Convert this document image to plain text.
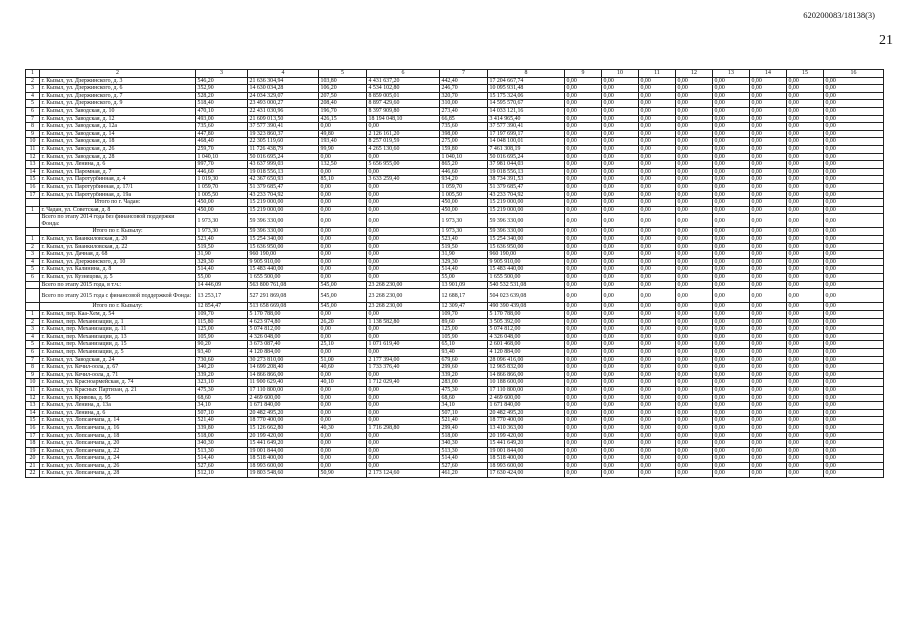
620200083/18138(3)
21
1	2	3	4	5	6	7	8	9	10	11	12	13	14	15	16
2	г. Кызыл, ул. Дзержинского, д. 3	546,20	21 636 304,94	103,80	4 431 637,20	442,40	17 204 667,74	0,00	0,00	0,00	0,00	0,00	0,00	0,00	0,00
3	г. Кызыл, ул. Дзержинского, д. 6	352,90	14 630 034,28	106,20	4 534 102,80	246,70	10 095 931,48	0,00	0,00	0,00	0,00	0,00	0,00	0,00	0,00
4	г. Кызыл, ул. Дзержинского, д. 7	528,20	24 034 329,07	207,50	8 859 005,01	320,70	15 175 324,06	0,00	0,00	0,00	0,00	0,00	0,00	0,00	0,00
5	г. Кызыл, ул. Дзержинского, д. 9	518,40	23 493 000,27	208,40	8 897 429,60	310,00	14 595 570,67	0,00	0,00	0,00	0,00	0,00	0,00	0,00	0,00
6	г. Кызыл, ул. Заводская, д. 10	470,10	22 431 030,96	196,70	8 397 909,80	273,40	14 033 121,16	0,00	0,00	0,00	0,00	0,00	0,00	0,00	0,00
7	г. Кызыл, ул. Заводская, д. 12	493,00	21 609 013,50	426,15	18 194 048,10	66,85	3 414 965,40	0,00	0,00	0,00	0,00	0,00	0,00	0,00	0,00
8	г. Кызыл, ул. Заводская, д. 12а	735,60	37 577 390,41	0,00	0,00	735,60	37 577 390,41	0,00	0,00	0,00	0,00	0,00	0,00	0,00	0,00
9	г. Кызыл, ул. Заводская, д. 14	447,80	19 323 860,37	49,80	2 126 161,20	398,00	17 197 699,17	0,00	0,00	0,00	0,00	0,00	0,00	0,00	0,00
10	г. Кызыл, ул. Заводская, д. 18	468,40	22 305 119,60	193,40	8 257 019,59	275,00	14 048 100,01	0,00	0,00	0,00	0,00	0,00	0,00	0,00	0,00
11	г. Кызыл, ул. Заводская, д. 26	259,70	11 726 438,79	99,90	4 265 130,60	159,80	7 461 308,19	0,00	0,00	0,00	0,00	0,00	0,00	0,00	0,00
12	г. Кызыл, ул. Заводская, д. 28	1 040,10	50 016 695,24	0,00	0,00	1 040,10	50 016 695,24	0,00	0,00	0,00	0,00	0,00	0,00	0,00	0,00
13	г. Кызыл, ул. Ленина, д. 6	997,70	43 637 999,03	132,50	5 656 955,00	865,20	37 981 044,03	0,00	0,00	0,00	0,00	0,00	0,00	0,00	0,00
14	г. Кызыл, ул. Паромная, д. 7	446,60	19 018 556,13	0,00	0,00	446,60	19 018 556,13	0,00	0,00	0,00	0,00	0,00	0,00	0,00	0,00
15	г. Кызыл, ул. Паротурбинная, д. 4	1 019,30	42 367 650,93	85,10	3 633 259,40	934,20	38 734 391,53	0,00	0,00	0,00	0,00	0,00	0,00	0,00	0,00
16	г. Кызыл, ул. Паротурбинная, д. 17/1	1 059,70	51 379 685,47	0,00	0,00	1 059,70	51 379 685,47	0,00	0,00	0,00	0,00	0,00	0,00	0,00	0,00
17	г. Кызыл, ул. Паротурбинная, д. 19а	1 005,50	43 233 704,92	0,00	0,00	1 005,50	43 233 704,92	0,00	0,00	0,00	0,00	0,00	0,00	0,00	0,00
	Итого по г. Чадан:	450,00	15 219 000,00	0,00	0,00	450,00	15 219 000,00	0,00	0,00	0,00	0,00	0,00	0,00	0,00	0,00
1	г. Чадан, ул. Советская, д. 8	450,00	15 219 000,00	0,00	0,00	450,00	15 219 000,00	0,00	0,00	0,00	0,00	0,00	0,00	0,00	0,00
	Всего по этапу 2014 года без финансовой поддержки Фонда:	1 973,30	59 396 330,00	0,00	0,00	1 973,30	59 396 330,00	0,00	0,00	0,00	0,00	0,00	0,00	0,00	0,00
	Итого по г. Кызылу:	1 973,30	59 396 330,00	0,00	0,00	1 973,30	59 396 330,00	0,00	0,00	0,00	0,00	0,00	0,00	0,00	0,00
1	г. Кызыл, ул. Бианкиловская, д. 20	523,40	15 254 340,00	0,00	0,00	523,40	15 254 340,00	0,00	0,00	0,00	0,00	0,00	0,00	0,00	0,00
2	г. Кызыл, ул. Бианкиловская, д. 22	519,50	15 636 950,00	0,00	0,00	519,50	15 636 950,00	0,00	0,00	0,00	0,00	0,00	0,00	0,00	0,00
3	г. Кызыл, ул. Дачная, д. 68	31,90	960 190,00	0,00	0,00	31,90	960 190,00	0,00	0,00	0,00	0,00	0,00	0,00	0,00	0,00
4	г. Кызыл, ул. Дзержинского, д. 10	329,30	9 905 910,00	0,00	0,00	329,30	9 905 910,00	0,00	0,00	0,00	0,00	0,00	0,00	0,00	0,00
5	г. Кызыл, ул. Калинина, д. 8	514,40	15 483 440,00	0,00	0,00	514,40	15 483 440,00	0,00	0,00	0,00	0,00	0,00	0,00	0,00	0,00
6	г. Кызыл, ул. Кузнецова, д. 5	55,00	1 655 500,00	0,00	0,00	55,00	1 655 500,00	0,00	0,00	0,00	0,00	0,00	0,00	0,00	0,00
	Всего по этапу 2015 года, в т.ч.:	14 446,09	563 800 761,08	545,00	23 268 230,00	13 901,09	540 532 531,08	0,00	0,00	0,00	0,00	0,00	0,00	0,00	0,00
	Всего по этапу 2015 года с финансовой поддержкой Фонда:	13 253,17	527 291 869,08	545,00	23 268 230,00	12 688,17	504 023 639,08	0,00	0,00	0,00	0,00	0,00	0,00	0,00	0,00
	Итого по г. Кызылу:	12 854,47	513 658 669,08	545,00	23 268 230,00	12 309,47	490 390 439,08	0,00	0,00	0,00	0,00	0,00	0,00	0,00	0,00
1	г. Кызыл, пер. Каа-Хем, д. 54	109,70	5 170 788,00	0,00	0,00	109,70	5 170 788,00	0,00	0,00	0,00	0,00	0,00	0,00	0,00	0,00
2	г. Кызыл, пер. Механизации, д. 1	115,80	4 623 974,80	26,20	1 138 582,80	89,60	3 505 392,00	0,00	0,00	0,00	0,00	0,00	0,00	0,00	0,00
3	г. Кызыл, пер. Механизации, д. 11	125,00	5 074 812,00	0,00	0,00	125,00	5 074 812,00	0,00	0,00	0,00	0,00	0,00	0,00	0,00	0,00
4	г. Кызыл, пер. Механизации, д. 13	105,90	4 326 048,00	0,00	0,00	105,90	4 326 048,00	0,00	0,00	0,00	0,00	0,00	0,00	0,00	0,00
5	г. Кызыл, пер. Механизации, д. 15	90,20	3 673 087,40	25,10	1 071 619,40	65,10	2 601 468,00	0,00	0,00	0,00	0,00	0,00	0,00	0,00	0,00
6	г. Кызыл, пер. Механизации, д. 5	93,40	4 120 884,00	0,00	0,00	93,40	4 120 884,00	0,00	0,00	0,00	0,00	0,00	0,00	0,00	0,00
7	г. Кызыл, ул. Заводская, д. 24	730,60	30 273 810,00	51,00	2 177 394,00	679,60	28 096 416,00	0,00	0,00	0,00	0,00	0,00	0,00	0,00	0,00
8	г. Кызыл, ул. Кечил-оола, д. 67	340,20	14 699 208,40	40,60	1 733 376,40	299,60	12 965 832,00	0,00	0,00	0,00	0,00	0,00	0,00	0,00	0,00
9	г. Кызыл, ул. Кечил-оола, д. 71	339,20	14 866 866,00	0,00	0,00	339,20	14 866 866,00	0,00	0,00	0,00	0,00	0,00	0,00	0,00	0,00
10	г. Кызыл, ул. Красноармейская, д. 74	323,10	11 900 629,40	40,10	1 712 029,40	283,00	10 188 600,00	0,00	0,00	0,00	0,00	0,00	0,00	0,00	0,00
11	г. Кызыл, ул. Красных Партизан, д. 21	475,30	17 110 800,00	0,00	0,00	475,30	17 110 800,00	0,00	0,00	0,00	0,00	0,00	0,00	0,00	0,00
12	г. Кызыл, ул. Кривова, д. 95	68,60	2 469 600,00	0,00	0,00	68,60	2 469 600,00	0,00	0,00	0,00	0,00	0,00	0,00	0,00	0,00
13	г. Кызыл, ул. Ленина, д. 13а	34,10	1 671 840,00	0,00	0,00	34,10	1 671 840,00	0,00	0,00	0,00	0,00	0,00	0,00	0,00	0,00
14	г. Кызыл, ул. Ленина, д. 6	507,10	20 482 495,20	0,00	0,00	507,10	20 482 495,20	0,00	0,00	0,00	0,00	0,00	0,00	0,00	0,00
15	г. Кызыл, ул. Лопсанчапа, д. 14	521,40	18 770 400,00	0,00	0,00	521,40	18 770 400,00	0,00	0,00	0,00	0,00	0,00	0,00	0,00	0,00
16	г. Кызыл, ул. Лопсанчапа, д. 16	339,80	15 126 662,80	40,30	1 716 298,80	299,40	13 410 363,00	0,00	0,00	0,00	0,00	0,00	0,00	0,00	0,00
17	г. Кызыл, ул. Лопсанчапа, д. 18	518,00	20 199 420,00	0,00	0,00	518,00	20 199 420,00	0,00	0,00	0,00	0,00	0,00	0,00	0,00	0,00
18	г. Кызыл, ул. Лопсанчапа, д. 20	340,30	15 441 649,20	0,00	0,00	340,30	15 441 649,20	0,00	0,00	0,00	0,00	0,00	0,00	0,00	0,00
19	г. Кызыл, ул. Лопсанчапа, д. 22	513,30	19 001 844,00	0,00	0,00	513,30	19 001 844,00	0,00	0,00	0,00	0,00	0,00	0,00	0,00	0,00
20	г. Кызыл, ул. Лопсанчапа, д. 24	514,40	18 518 400,00	0,00	0,00	514,40	18 518 400,00	0,00	0,00	0,00	0,00	0,00	0,00	0,00	0,00
21	г. Кызыл, ул. Лопсанчапа, д. 26	527,60	18 993 600,00	0,00	0,00	527,60	18 993 600,00	0,00	0,00	0,00	0,00	0,00	0,00	0,00	0,00
22	г. Кызыл, ул. Лопсанчапа, д. 28	512,10	19 803 548,60	50,90	2 173 124,60	461,20	17 630 424,00	0,00	0,00	0,00	0,00	0,00	0,00	0,00	0,00
